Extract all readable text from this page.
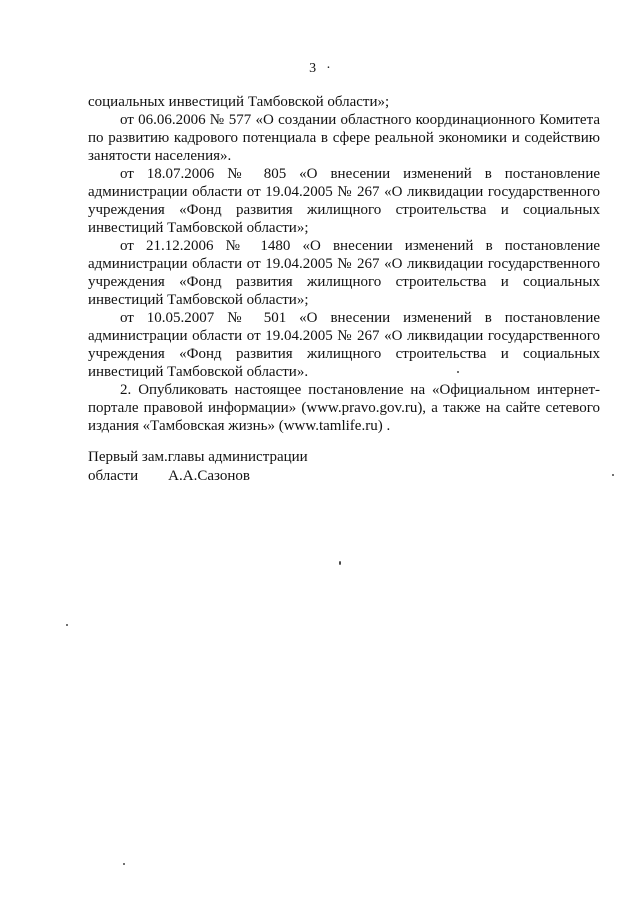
3 ·

социальных инвестиций Тамбовской области»;

от 06.06.2006 № 577 «О создании областного координационного Комитета по развитию кадрового потенциала в сфере реальной экономики и содействию занятости населения».

от 18.07.2006 № 805 «О внесении изменений в постановление администрации области от 19.04.2005 № 267 «О ликвидации государственного учреждения «Фонд развития жилищного строительства и социальных инвестиций Тамбовской области»;

от 21.12.2006 № 1480 «О внесении изменений в постановление администрации области от 19.04.2005 № 267 «О ликвидации государственного учреждения «Фонд развития жилищного строительства и социальных инвестиций Тамбовской области»;

от 10.05.2007 № 501 «О внесении изменений в постановление администрации области от 19.04.2005 № 267 «О ликвидации государственного учреждения «Фонд развития жилищного строительства и социальных инвестиций Тамбовской области».

2. Опубликовать настоящее постановление на «Официальном интернет-портале правовой информации» (www.pravo.gov.ru), а также на сайте сетевого издания «Тамбовская жизнь» (www.tamlife.ru) .

Первый зам.главы администрации
области А.А.Сазонов
